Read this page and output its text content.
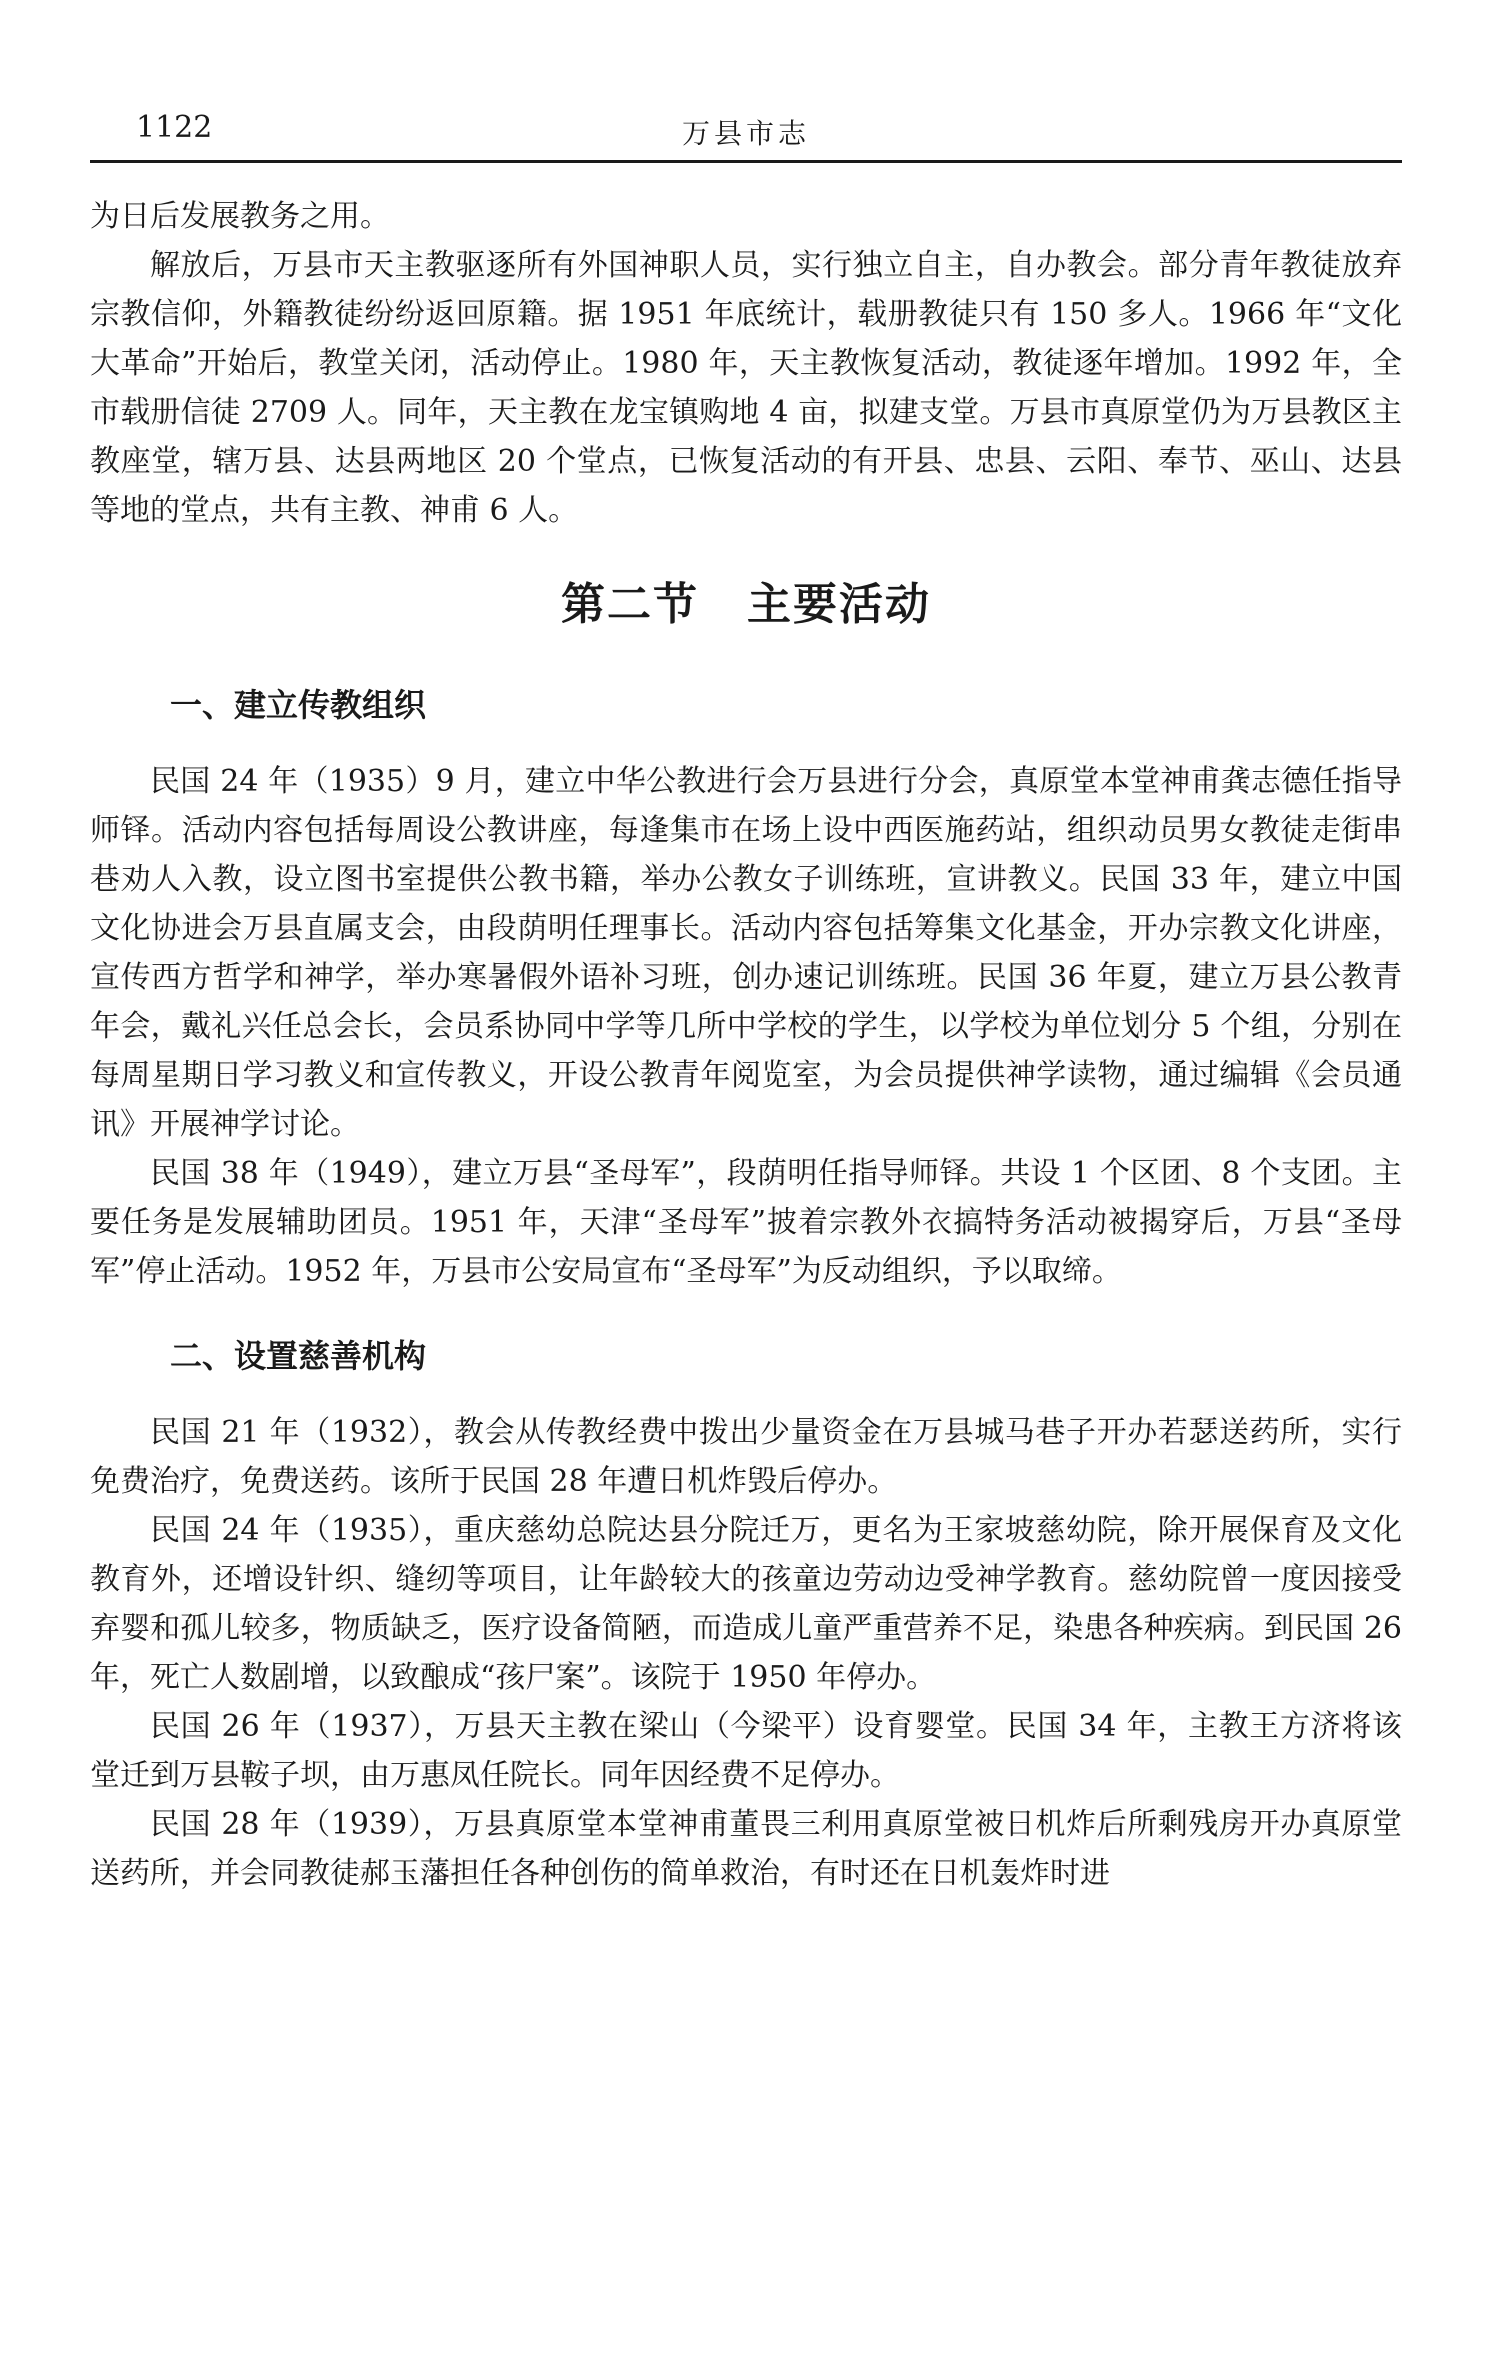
1122	万县市志

为日后发展教务之用。

解放后，万县市天主教驱逐所有外国神职人员，实行独立自主，自办教会。部分青年教徒放弃宗教信仰，外籍教徒纷纷返回原籍。据 1951 年底统计，载册教徒只有 150 多人。1966 年“文化大革命”开始后，教堂关闭，活动停止。1980 年，天主教恢复活动，教徒逐年增加。1992 年，全市载册信徒 2709 人。同年，天主教在龙宝镇购地 4 亩，拟建支堂。万县市真原堂仍为万县教区主教座堂，辖万县、达县两地区 20 个堂点，已恢复活动的有开县、忠县、云阳、奉节、巫山、达县等地的堂点，共有主教、神甫 6 人。

第二节 主要活动
一、建立传教组织

民国 24 年（1935）9 月，建立中华公教进行会万县进行分会，真原堂本堂神甫龚志德任指导师铎。活动内容包括每周设公教讲座，每逢集市在场上设中西医施药站，组织动员男女教徒走街串巷劝人入教，设立图书室提供公教书籍，举办公教女子训练班，宣讲教义。民国 33 年，建立中国文化协进会万县直属支会，由段荫明任理事长。活动内容包括筹集文化基金，开办宗教文化讲座，宣传西方哲学和神学，举办寒暑假外语补习班，创办速记训练班。民国 36 年夏，建立万县公教青年会，戴礼兴任总会长，会员系协同中学等几所中学校的学生，以学校为单位划分 5 个组，分别在每周星期日学习教义和宣传教义，开设公教青年阅览室，为会员提供神学读物，通过编辑《会员通讯》开展神学讨论。

民国 38 年（1949），建立万县“圣母军”，段荫明任指导师铎。共设 1 个区团、8 个支团。主要任务是发展辅助团员。1951 年，天津“圣母军”披着宗教外衣搞特务活动被揭穿后，万县“圣母军”停止活动。1952 年，万县市公安局宣布“圣母军”为反动组织，予以取缔。

二、设置慈善机构

民国 21 年（1932），教会从传教经费中拨出少量资金在万县城马巷子开办若瑟送药所，实行免费治疗，免费送药。该所于民国 28 年遭日机炸毁后停办。

民国 24 年（1935），重庆慈幼总院达县分院迁万，更名为王家坡慈幼院，除开展保育及文化教育外，还增设针织、缝纫等项目，让年龄较大的孩童边劳动边受神学教育。慈幼院曾一度因接受弃婴和孤儿较多，物质缺乏，医疗设备简陋，而造成儿童严重营养不足，染患各种疾病。到民国 26 年，死亡人数剧增，以致酿成“孩尸案”。该院于 1950 年停办。

民国 26 年（1937），万县天主教在梁山（今梁平）设育婴堂。民国 34 年，主教王方济将该堂迁到万县鞍子坝，由万惠凤任院长。同年因经费不足停办。

民国 28 年（1939），万县真原堂本堂神甫董畏三利用真原堂被日机炸后所剩残房开办真原堂送药所，并会同教徒郝玉藩担任各种创伤的简单救治，有时还在日机轰炸时进
